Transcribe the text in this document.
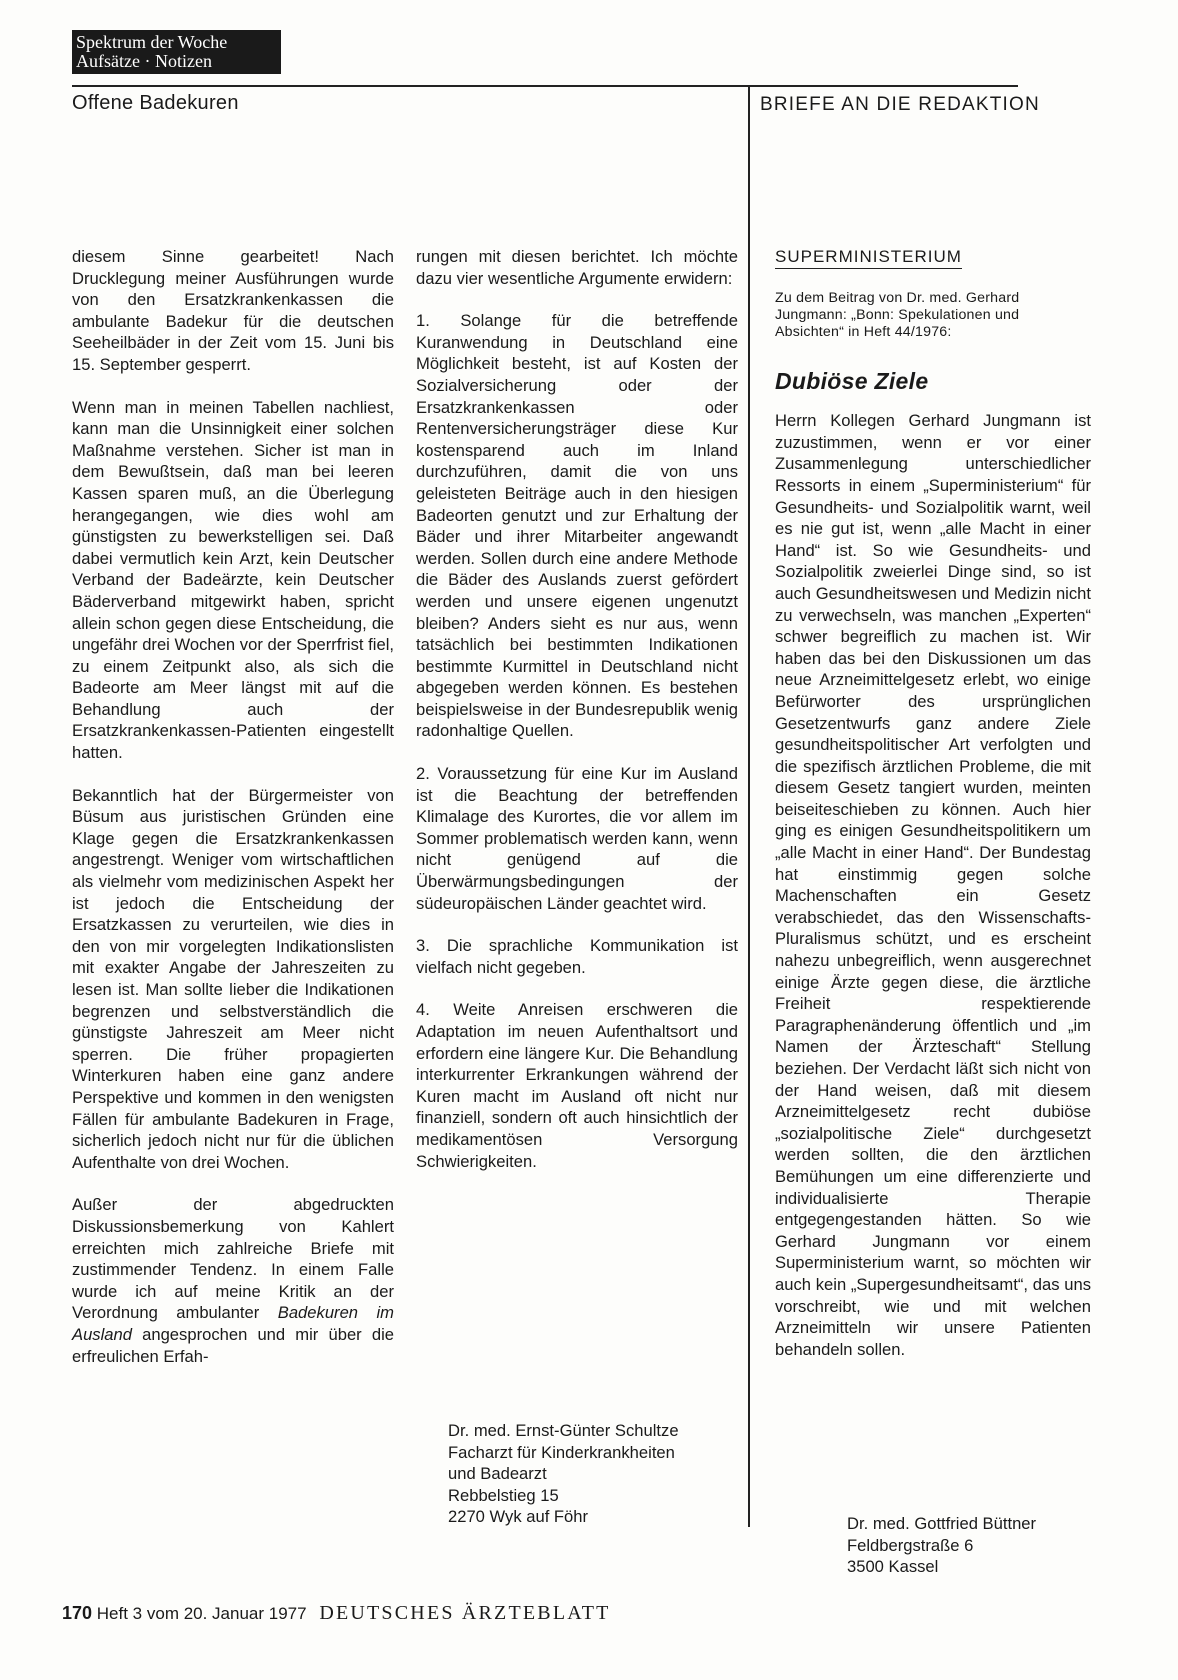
Spektrum der Woche
Aufsätze · Notizen
Offene Badekuren	BRIEFE AN DIE REDAKTION

diesem Sinne gearbeitet! Nach Drucklegung meiner Ausführungen wurde von den Ersatzkrankenkassen die ambulante Badekur für die deutschen Seeheilbäder in der Zeit vom 15. Juni bis 15. September gesperrt.

Wenn man in meinen Tabellen nachliest, kann man die Unsinnigkeit einer solchen Maßnahme verstehen. Sicher ist man in dem Bewußtsein, daß man bei leeren Kassen sparen muß, an die Überlegung herangegangen, wie dies wohl am günstigsten zu bewerkstelligen sei. Daß dabei vermutlich kein Arzt, kein Deutscher Verband der Badeärzte, kein Deutscher Bäderverband mitgewirkt haben, spricht allein schon gegen diese Entscheidung, die ungefähr drei Wochen vor der Sperrfrist fiel, zu einem Zeitpunkt also, als sich die Badeorte am Meer längst mit auf die Behandlung auch der Ersatzkrankenkassen-Patienten eingestellt hatten.

Bekanntlich hat der Bürgermeister von Büsum aus juristischen Gründen eine Klage gegen die Ersatzkrankenkassen angestrengt. Weniger vom wirtschaftlichen als vielmehr vom medizinischen Aspekt her ist jedoch die Entscheidung der Ersatzkassen zu verurteilen, wie dies in den von mir vorgelegten Indikationslisten mit exakter Angabe der Jahreszeiten zu lesen ist. Man sollte lieber die Indikationen begrenzen und selbstverständlich die günstigste Jahreszeit am Meer nicht sperren. Die früher propagierten Winterkuren haben eine ganz andere Perspektive und kommen in den wenigsten Fällen für ambulante Badekuren in Frage, sicherlich jedoch nicht nur für die üblichen Aufenthalte von drei Wochen.

Außer der abgedruckten Diskussionsbemerkung von Kahlert erreichten mich zahlreiche Briefe mit zustimmender Tendenz. In einem Falle wurde ich auf meine Kritik an der Verordnung ambulanter Badekuren im Ausland angesprochen und mir über die erfreulichen Erfah-

rungen mit diesen berichtet. Ich möchte dazu vier wesentliche Argumente erwidern:

1. Solange für die betreffende Kuranwendung in Deutschland eine Möglichkeit besteht, ist auf Kosten der Sozialversicherung oder der Ersatzkrankenkassen oder Rentenversicherungsträger diese Kur kostensparend auch im Inland durchzuführen, damit die von uns geleisteten Beiträge auch in den hiesigen Badeorten genutzt und zur Erhaltung der Bäder und ihrer Mitarbeiter angewandt werden. Sollen durch eine andere Methode die Bäder des Auslands zuerst gefördert werden und unsere eigenen ungenutzt bleiben? Anders sieht es nur aus, wenn tatsächlich bei bestimmten Indikationen bestimmte Kurmittel in Deutschland nicht abgegeben werden können. Es bestehen beispielsweise in der Bundesrepublik wenig radonhaltige Quellen.

2. Voraussetzung für eine Kur im Ausland ist die Beachtung der betreffenden Klimalage des Kurortes, die vor allem im Sommer problematisch werden kann, wenn nicht genügend auf die Überwärmungsbedingungen der südeuropäischen Länder geachtet wird.

3. Die sprachliche Kommunikation ist vielfach nicht gegeben.

4. Weite Anreisen erschweren die Adaptation im neuen Aufenthaltsort und erfordern eine längere Kur. Die Behandlung interkurrenter Erkrankungen während der Kuren macht im Ausland oft nicht nur finanziell, sondern oft auch hinsichtlich der medikamentösen Versorgung Schwierigkeiten.

Dr. med. Ernst-Günter Schultze
Facharzt für Kinderkrankheiten
und Badearzt
Rebbelstieg 15
2270 Wyk auf Föhr
SUPERMINISTERIUM
Zu dem Beitrag von Dr. med. Gerhard Jungmann: „Bonn: Spekulationen und Absichten“ in Heft 44/1976:
Dubiöse Ziele

Herrn Kollegen Gerhard Jungmann ist zuzustimmen, wenn er vor einer Zusammenlegung unterschiedlicher Ressorts in einem „Superministerium“ für Gesundheits- und Sozialpolitik warnt, weil es nie gut ist, wenn „alle Macht in einer Hand“ ist. So wie Gesundheits- und Sozialpolitik zweierlei Dinge sind, so ist auch Gesundheitswesen und Medizin nicht zu verwechseln, was manchen „Experten“ schwer begreiflich zu machen ist. Wir haben das bei den Diskussionen um das neue Arzneimittelgesetz erlebt, wo einige Befürworter des ursprünglichen Gesetzentwurfs ganz andere Ziele gesundheitspolitischer Art verfolgten und die spezifisch ärztlichen Probleme, die mit diesem Gesetz tangiert wurden, meinten beiseiteschieben zu können. Auch hier ging es einigen Gesundheitspolitikern um „alle Macht in einer Hand“. Der Bundestag hat einstimmig gegen solche Machenschaften ein Gesetz verabschiedet, das den Wissenschafts-Pluralismus schützt, und es erscheint nahezu unbegreiflich, wenn ausgerechnet einige Ärzte gegen diese, die ärztliche Freiheit respektierende Paragraphenänderung öffentlich und „im Namen der Ärzteschaft“ Stellung beziehen. Der Verdacht läßt sich nicht von der Hand weisen, daß mit diesem Arzneimittelgesetz recht dubiöse „sozialpolitische Ziele“ durchgesetzt werden sollten, die den ärztlichen Bemühungen um eine differenzierte und individualisierte Therapie entgegengestanden hätten. So wie Gerhard Jungmann vor einem Superministerium warnt, so möchten wir auch kein „Supergesundheitsamt“, das uns vorschreibt, wie und mit welchen Arzneimitteln wir unsere Patienten behandeln sollen.

Dr. med. Gottfried Büttner
Feldbergstraße 6
3500 Kassel
170 Heft 3 vom 20. Januar 1977 DEUTSCHES ÄRZTEBLATT
